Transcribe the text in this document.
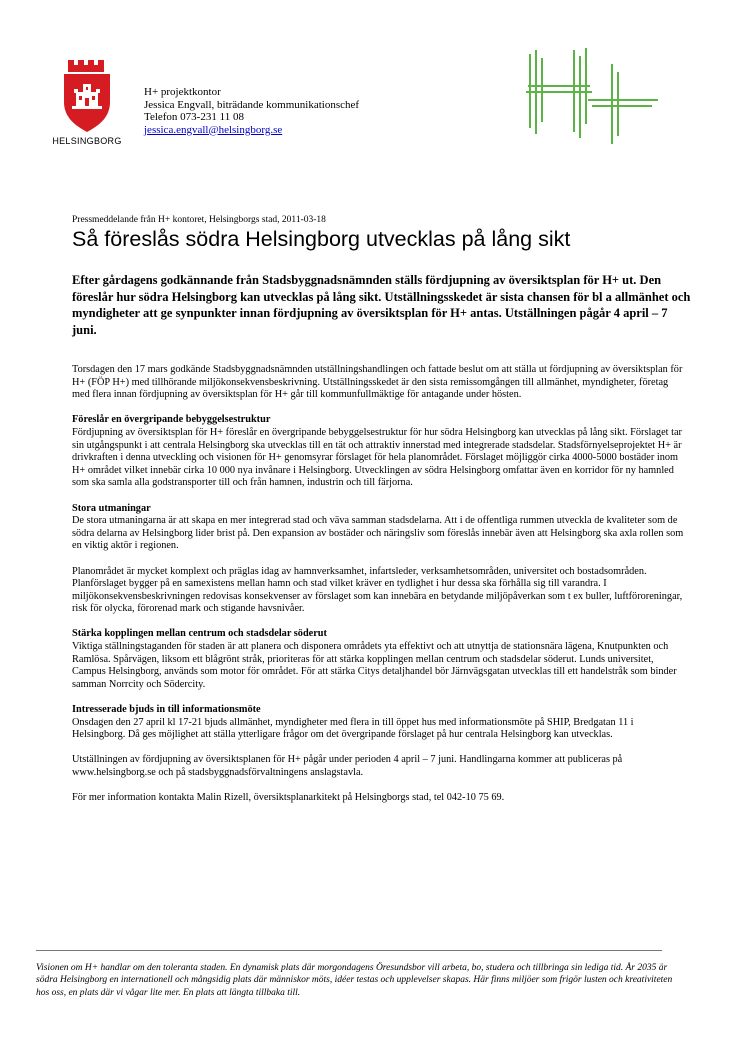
HELSINGBORG
H+ projektkontor
Jessica Engvall, biträdande kommunikationschef
Telefon 073-231 11 08
jessica.engvall@helsingborg.se
Pressmeddelande från H+ kontoret, Helsingborgs stad, 2011-03-18
Så föreslås södra Helsingborg utvecklas på lång sikt
Efter gårdagens godkännande från Stadsbyggnadsnämnden ställs fördjupning av översiktsplan för H+ ut. Den föreslår hur södra Helsingborg kan utvecklas på lång sikt. Utställningsskedet är sista chansen för bl a allmänhet och myndigheter att ge synpunkter innan fördjupning av översiktsplan för H+ antas. Utställningen pågår 4 april – 7 juni.

Torsdagen den 17 mars godkände Stadsbyggnadsnämnden utställningshandlingen och fattade beslut om att ställa ut fördjupning av översiktsplan för H+ (FÖP H+) med tillhörande miljökonsekvensbeskrivning. Utställningsskedet är den sista remissomgången till allmänhet, myndigheter, företag med flera innan fördjupning av översiktsplan för H+ går till kommunfullmäktige för antagande under hösten.

Föreslår en övergripande bebyggelsestruktur
Fördjupning av översiktsplan för H+ föreslår en övergripande bebyggelsestruktur för hur södra Helsingborg kan utvecklas på lång sikt. Förslaget tar sin utgångspunkt i att centrala Helsingborg ska utvecklas till en tät och attraktiv innerstad med integrerade stadsdelar. Stadsförnyelseprojektet H+ är drivkraften i denna utveckling och visionen för H+ genomsyrar förslaget för hela planområdet. Förslaget möjliggör cirka 4000-5000 bostäder inom H+ området vilket innebär cirka 10 000 nya invånare i Helsingborg. Utvecklingen av södra Helsingborg omfattar även en korridor för ny hamnled som ska samla alla godstransporter till och från hamnen, industrin och till färjorna.

Stora utmaningar
De stora utmaningarna är att skapa en mer integrerad stad och väva samman stadsdelarna. Att i de offentliga rummen utveckla de kvaliteter som de södra delarna av Helsingborg lider brist på. Den expansion av bostäder och näringsliv som föreslås innebär även att Helsingborg ska axla rollen som en viktig aktör i regionen.

Planområdet är mycket komplext och präglas idag av hamnverksamhet, infartsleder, verksamhetsområden, universitet och bostadsområden. Planförslaget bygger på en samexistens mellan hamn och stad vilket kräver en tydlighet i hur dessa ska förhålla sig till varandra. I miljökonsekvensbeskrivningen redovisas konsekvenser av förslaget som kan innebära en betydande miljöpåverkan som t ex buller, luftföroreningar, risk för olycka, förorenad mark och stigande havsnivåer.

Stärka kopplingen mellan centrum och stadsdelar söderut
Viktiga ställningstaganden för staden är att planera och disponera områdets yta effektivt och att utnyttja de stationsnära lägena, Knutpunkten och Ramlösa. Spårvägen, liksom ett blågrönt stråk, prioriteras för att stärka kopplingen mellan centrum och stadsdelar söderut. Lunds universitet, Campus Helsingborg, används som motor för området. För att stärka Citys detaljhandel bör Järnvägsgatan utvecklas till ett handelstråk som binder samman Norrcity och Södercity.

Intresserade bjuds in till informationsmöte
Onsdagen den 27 april kl 17-21 bjuds allmänhet, myndigheter med flera in till öppet hus med informationsmöte på SHIP, Bredgatan 11 i Helsingborg. Då ges möjlighet att ställa ytterligare frågor om det övergripande förslaget på hur centrala Helsingborg kan utvecklas.

Utställningen av fördjupning av översiktsplanen för H+ pågår under perioden 4 april – 7 juni. Handlingarna kommer att publiceras på www.helsingborg.se och på stadsbyggnadsförvaltningens anslagstavla.

För mer information kontakta Malin Rizell, översiktsplanarkitekt på Helsingborgs stad, tel 042-10 75 69.

Visionen om H+ handlar om den toleranta staden. En dynamisk plats där morgondagens Öresundsbor vill arbeta, bo, studera och tillbringa sin lediga tid. År 2035 är södra Helsingborg en internationell och mångsidig plats där människor möts, idéer testas och upplevelser skapas. Här finns miljöer som frigör lusten och kreativiteten hos oss, en plats där vi vågar lite mer. En plats att längta tillbaka till.
